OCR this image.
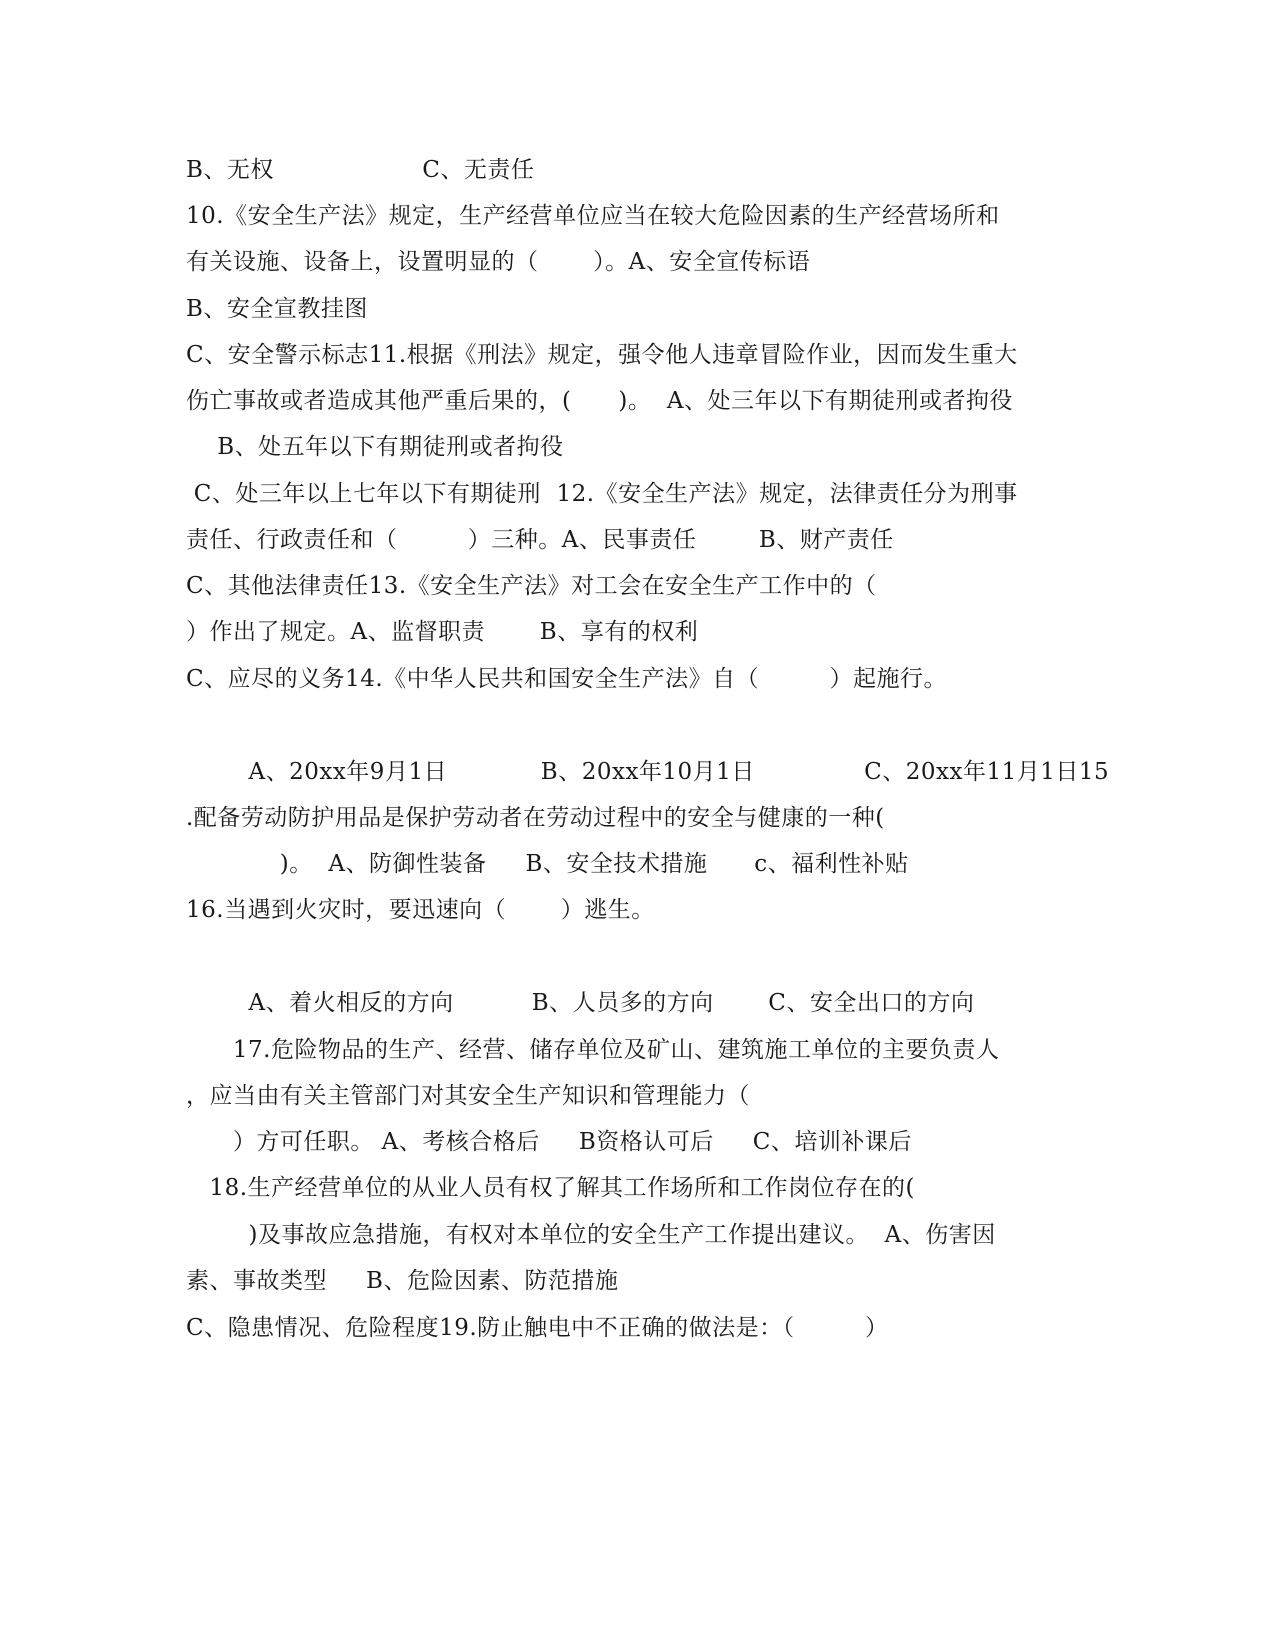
B、无权                   C、无责任
10.《安全生产法》规定，生产经营单位应当在较大危险因素的生产经营场所和
有关设施、设备上，设置明显的（       ）。A、安全宣传标语
B、安全宣教挂图
C、安全警示标志11.根据《刑法》规定，强令他人违章冒险作业，因而发生重大
伤亡事故或者造成其他严重后果的，(      )。  A、处三年以下有期徒刑或者拘役
B、处五年以下有期徒刑或者拘役
C、处三年以上七年以下有期徒刑  12.《安全生产法》规定，法律责任分为刑事
责任、行政责任和（         ）三种。A、民事责任        B、财产责任
C、其他法律责任13.《安全生产法》对工会在安全生产工作中的（
）作出了规定。A、监督职责       B、享有的权利
C、应尽的义务14.《中华人民共和国安全生产法》自（         ）起施行。
A、20xx年9月1日            B、20xx年10月1日              C、20xx年11月1日15
.配备劳动防护用品是保护劳动者在劳动过程中的安全与健康的一种(
)。  A、防御性装备     B、安全技术措施      c、福利性补贴
16.当遇到火灾时，要迅速向（       ）逃生。
A、着火相反的方向          B、人员多的方向       C、安全出口的方向
17.危险物品的生产、经营、储存单位及矿山、建筑施工单位的主要负责人
，应当由有关主管部门对其安全生产知识和管理能力（
）方可任职。 A、考核合格后     B资格认可后     C、培训补课后
18.生产经营单位的从业人员有权了解其工作场所和工作岗位存在的(
)及事故应急措施，有权对本单位的安全生产工作提出建议。  A、伤害因
素、事故类型     B、危险因素、防范措施
C、隐患情况、危险程度19.防止触电中不正确的做法是：（         ）
